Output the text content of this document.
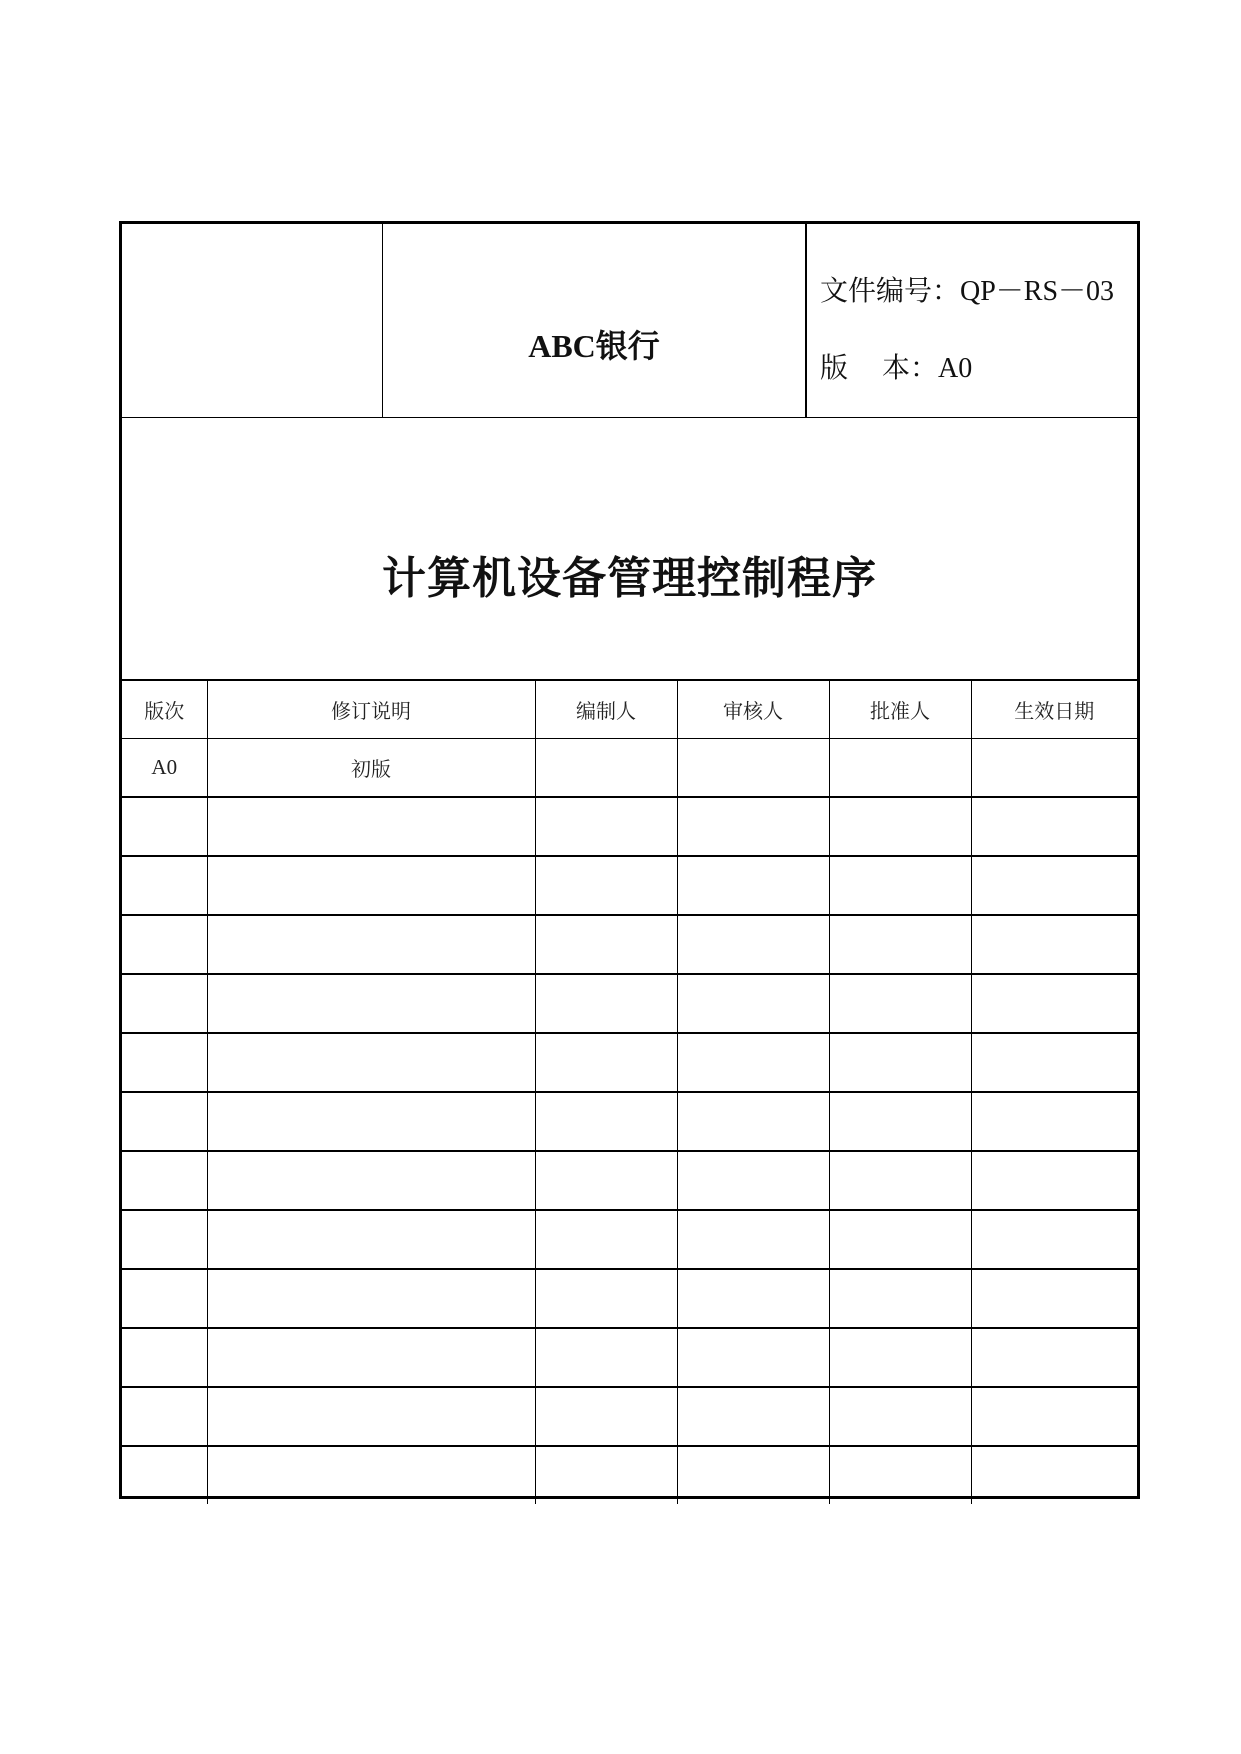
ABC银行
文件编号：QP－RS－03
版 本：A0
计算机设备管理控制程序
版次	修订说明	编制人	审核人	批准人	生效日期
A0	初版				
